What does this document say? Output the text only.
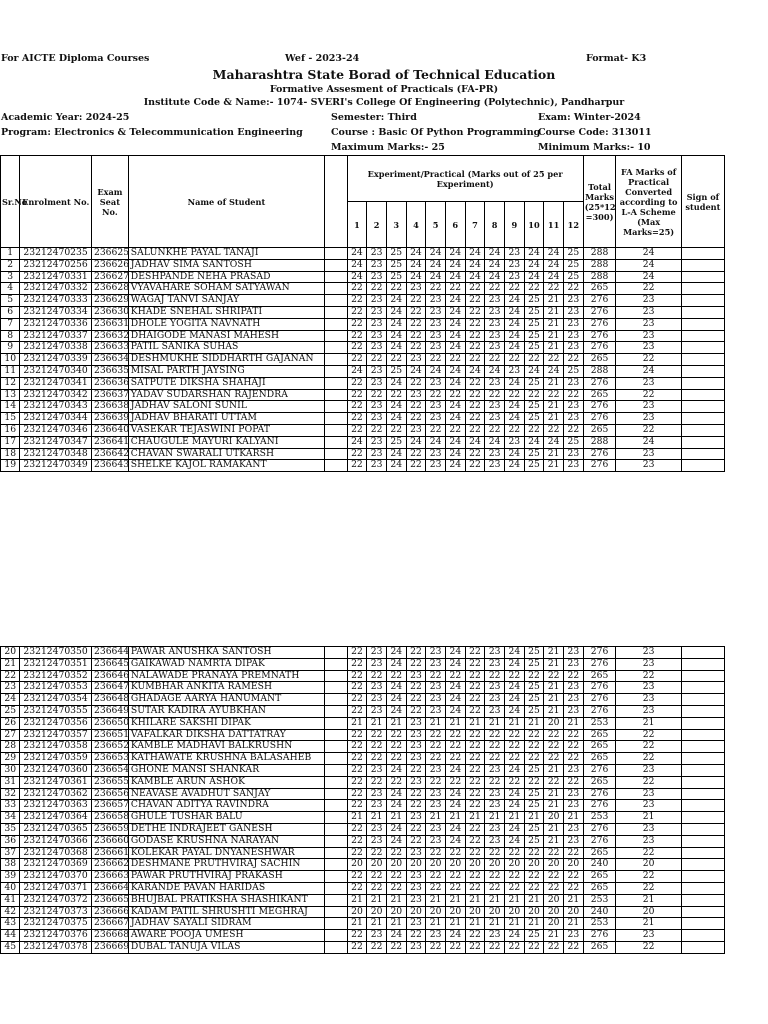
For AICTE Diploma Courses	Wef - 2023-24	Format- K3
Maharashtra State Borad of Technical Education
Formative Assesment of Practicals (FA-PR)
Institute Code & Name:- 1074- SVERI's College Of Engineering (Polytechnic), Pandharpur
Academic Year: 2024-25	Semester: Third	Exam: Winter-2024
Program: Electronics & Telecommunication Engineering	Course : Basic Of Python Programming
Course Code: 313011
Maximum Marks:- 25	Minimum Marks:- 10
Sr.No	Enrolment No.	Exam Seat No.	Name of Student		Experiment/Practical (Marks out of 25 per Experiment)												Total Marks (25*12 =300)	FA Marks of Practical Converted according to L-A Scheme (Max Marks=25)	Sign of student
					1	2	3	4	5	6	7	8	9	10	11	12			
1	23212470235	236625	SALUNKHE PAYAL TANAJI		24	23	25	24	24	24	24	24	23	24	24	25	288	24	
2	23212470256	236626	JADHAV SIMA SANTOSH		24	23	25	24	24	24	24	24	23	24	24	25	288	24	
3	23212470331	236627	DESHPANDE NEHA PRASAD		24	23	25	24	24	24	24	24	23	24	24	25	288	24	
4	23212470332	236628	VYAVAHARE SOHAM SATYAWAN		22	22	22	23	22	22	22	22	22	22	22	22	265	22	
5	23212470333	236629	WAGAJ TANVI SANJAY		22	23	24	22	23	24	22	23	24	25	21	23	276	23	
6	23212470334	236630	KHADE SNEHAL SHRIPATI		22	23	24	22	23	24	22	23	24	25	21	23	276	23	
7	23212470336	236631	DHOLE YOGITA NAVNATH		22	23	24	22	23	24	22	23	24	25	21	23	276	23	
8	23212470337	236632	DHAIGODE MANASI MAHESH		22	23	24	22	23	24	22	23	24	25	21	23	276	23	
9	23212470338	236633	PATIL SANIKA SUHAS		22	23	24	22	23	24	22	23	24	25	21	23	276	23	
10	23212470339	236634	DESHMUKHE SIDDHARTH GAJANAN		22	22	22	23	22	22	22	22	22	22	22	22	265	22	
11	23212470340	236635	MISAL PARTH JAYSING		24	23	25	24	24	24	24	24	23	24	24	25	288	24	
12	23212470341	236636	SATPUTE DIKSHA SHAHAJI		22	23	24	22	23	24	22	23	24	25	21	23	276	23	
13	23212470342	236637	YADAV SUDARSHAN RAJENDRA		22	22	22	23	22	22	22	22	22	22	22	22	265	22	
14	23212470343	236638	JADHAV SALONI SUNIL		22	23	24	22	23	24	22	23	24	25	21	23	276	23	
15	23212470344	236639	JADHAV BHARATI UTTAM		22	23	24	22	23	24	22	23	24	25	21	23	276	23	
16	23212470346	236640	VASEKAR TEJASWINI POPAT		22	22	22	23	22	22	22	22	22	22	22	22	265	22	
17	23212470347	236641	CHAUGULE MAYURI KALYANI		24	23	25	24	24	24	24	24	23	24	24	25	288	24	
18	23212470348	236642	CHAVAN SWARALI UTKARSH		22	23	24	22	23	24	22	23	24	25	21	23	276	23	
19	23212470349	236643	SHELKE KAJOL RAMAKANT		22	23	24	22	23	24	22	23	24	25	21	23	276	23	
20	23212470350	236644	PAWAR ANUSHKA SANTOSH		22	23	24	22	23	24	22	23	24	25	21	23	276	23	
21	23212470351	236645	GAIKAWAD NAMRTA DIPAK		22	23	24	22	23	24	22	23	24	25	21	23	276	23	
22	23212470352	236646	NALAWADE PRANAYA PREMNATH		22	22	22	23	22	22	22	22	22	22	22	22	265	22	
23	23212470353	236647	KUMBHAR ANKITA RAMESH		22	23	24	22	23	24	22	23	24	25	21	23	276	23	
24	23212470354	236648	GHADAGE AARYA HANUMANT		22	23	24	22	23	24	22	23	24	25	21	23	276	23	
25	23212470355	236649	SUTAR KADIRA AYUBKHAN		22	23	24	22	23	24	22	23	24	25	21	23	276	23	
26	23212470356	236650	KHILARE SAKSHI DIPAK		21	21	21	23	21	21	21	21	21	21	20	21	253	21	
27	23212470357	236651	VAFALKAR DIKSHA DATTATRAY		22	22	22	23	22	22	22	22	22	22	22	22	265	22	
28	23212470358	236652	KAMBLE MADHAVI BALKRUSHN		22	22	22	23	22	22	22	22	22	22	22	22	265	22	
29	23212470359	236653	KATHAWATE KRUSHNA BALASAHEB		22	22	22	23	22	22	22	22	22	22	22	22	265	22	
30	23212470360	236654	GHONE MANSI SHANKAR		22	23	24	22	23	24	22	23	24	25	21	23	276	23	
31	23212470361	236655	KAMBLE ARUN ASHOK		22	22	22	23	22	22	22	22	22	22	22	22	265	22	
32	23212470362	236656	NEAVASE AVADHUT SANJAY		22	23	24	22	23	24	22	23	24	25	21	23	276	23	
33	23212470363	236657	CHAVAN ADITYA RAVINDRA		22	23	24	22	23	24	22	23	24	25	21	23	276	23	
34	23212470364	236658	GHULE TUSHAR BALU		21	21	21	23	21	21	21	21	21	21	20	21	253	21	
35	23212470365	236659	DETHE INDRAJEET GANESH		22	23	24	22	23	24	22	23	24	25	21	23	276	23	
36	23212470366	236660	GODASE KRUSHNA NARAYAN		22	23	24	22	23	24	22	23	24	25	21	23	276	23	
37	23212470368	236661	KOLEKAR PAYAL DNYANESHWAR		22	22	22	23	22	22	22	22	22	22	22	22	265	22	
38	23212470369	236662	DESHMANE PRUTHVIRAJ SACHIN		20	20	20	20	20	20	20	20	20	20	20	20	240	20	
39	23212470370	236663	PAWAR PRUTHVIRAJ PRAKASH		22	22	22	23	22	22	22	22	22	22	22	22	265	22	
40	23212470371	236664	KARANDE PAVAN HARIDAS		22	22	22	23	22	22	22	22	22	22	22	22	265	22	
41	23212470372	236665	BHUJBAL PRATIKSHA SHASHIKANT		21	21	21	23	21	21	21	21	21	21	20	21	253	21	
42	23212470373	236666	KADAM PATIL SHRUSHTI MEGHRAJ		20	20	20	20	20	20	20	20	20	20	20	20	240	20	
43	23212470375	236667	JADHAV SAYALI SIDRAM		21	21	21	23	21	21	21	21	21	21	20	21	253	21	
44	23212470376	236668	AWARE POOJA UMESH		22	23	24	22	23	24	22	23	24	25	21	23	276	23	
45	23212470378	236669	DUBAL TANUJA VILAS		22	22	22	23	22	22	22	22	22	22	22	22	265	22	
